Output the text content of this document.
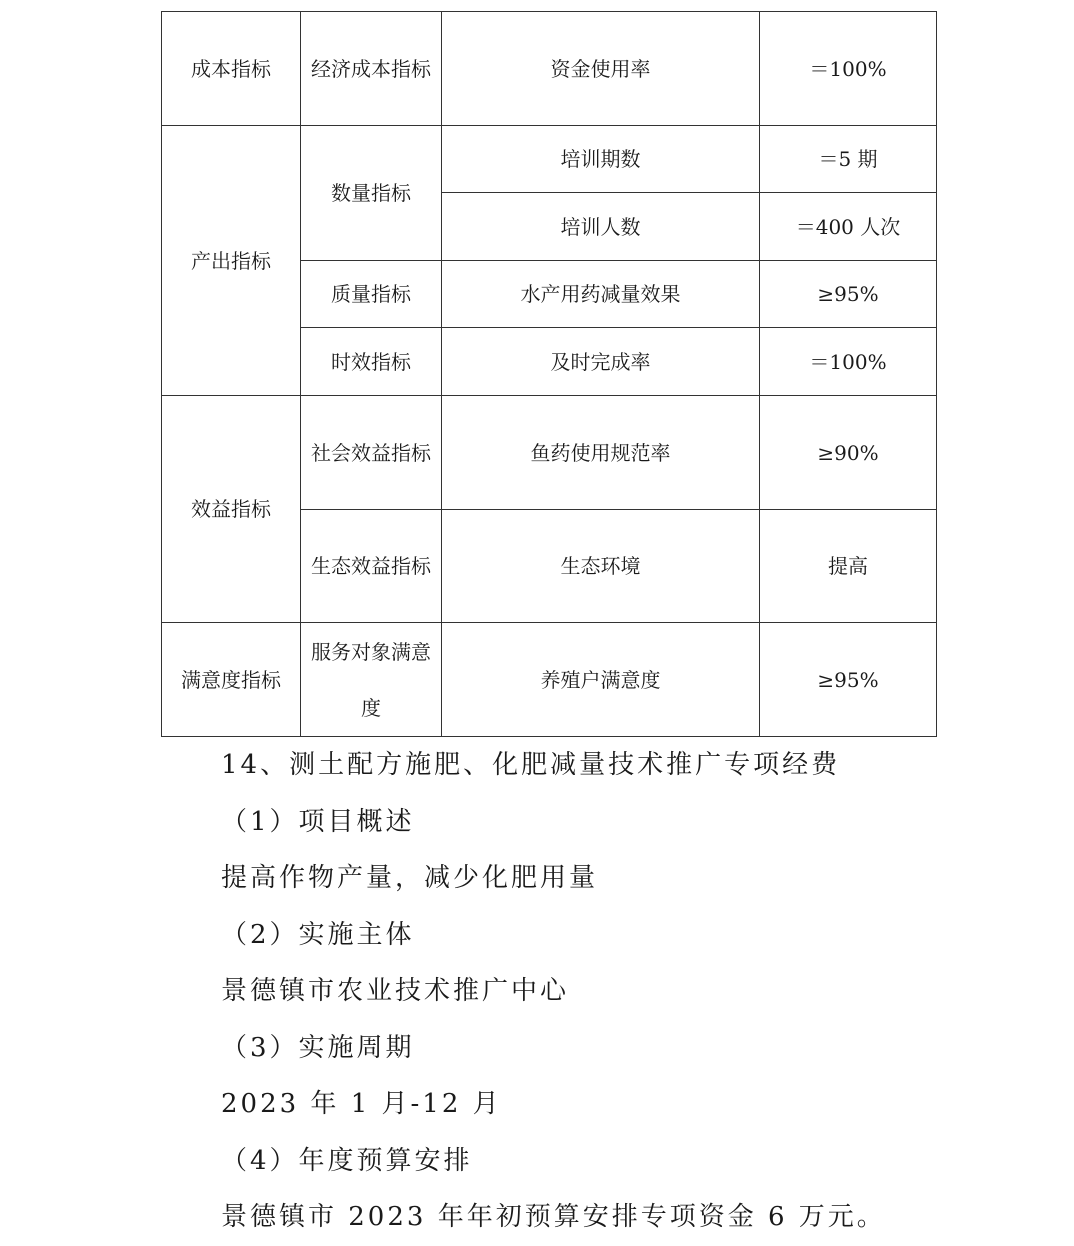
成本指标	经济成本指标	资金使用率	＝100%
产出指标	数量指标	培训期数	＝5 期
		培训人数	＝400 人次
	质量指标	水产用药减量效果	≥95%
	时效指标	及时完成率	＝100%
效益指标	社会效益指标	鱼药使用规范率	≥90%
	生态效益指标	生态环境	提高
满意度指标	服务对象满意度	养殖户满意度	≥95%
14、测土配方施肥、化肥减量技术推广专项经费
（1）项目概述
提高作物产量，减少化肥用量
（2）实施主体
景德镇市农业技术推广中心
（3）实施周期
2023 年 1 月-12 月
（4）年度预算安排
景德镇市 2023 年年初预算安排专项资金 6 万元。
